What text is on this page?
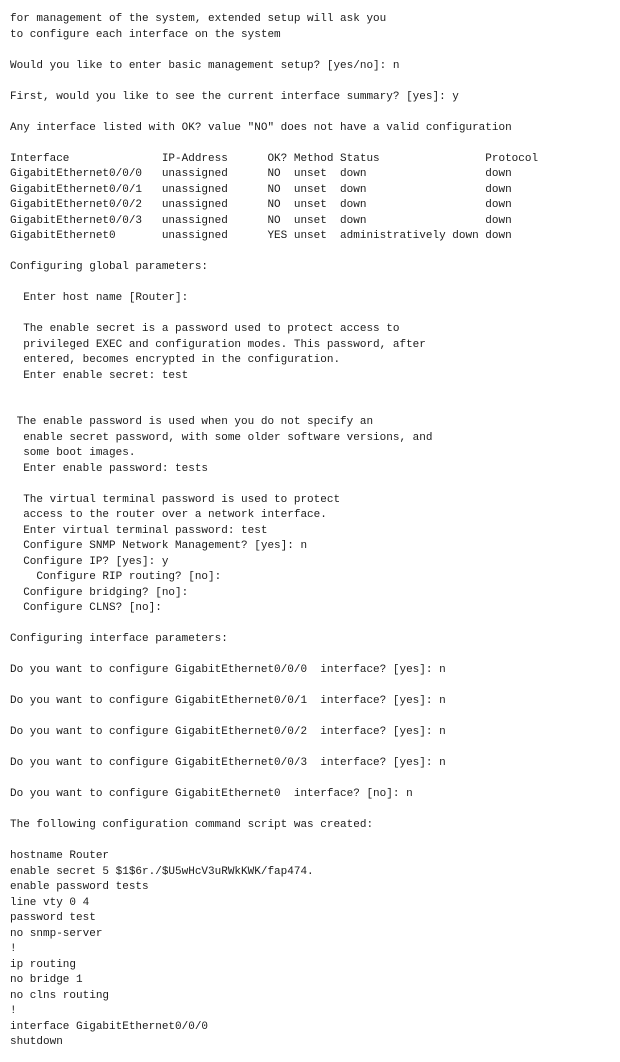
for management of the system, extended setup will ask you
to configure each interface on the system
Would you like to enter basic management setup? [yes/no]: n
First, would you like to see the current interface summary? [yes]: y
Any interface listed with OK? value "NO" does not have a valid configuration
Interface              IP-Address      OK? Method Status                Protocol
GigabitEthernet0/0/0   unassigned      NO  unset  down                  down
GigabitEthernet0/0/1   unassigned      NO  unset  down                  down
GigabitEthernet0/0/2   unassigned      NO  unset  down                  down
GigabitEthernet0/0/3   unassigned      NO  unset  down                  down
GigabitEthernet0       unassigned      YES unset  administratively down down
Configuring global parameters:
Enter host name [Router]:
The enable secret is a password used to protect access to
privileged EXEC and configuration modes. This password, after
entered, becomes encrypted in the configuration.
Enter enable secret: test
The enable password is used when you do not specify an
enable secret password, with some older software versions, and
some boot images.
Enter enable password: tests
The virtual terminal password is used to protect
access to the router over a network interface.
Enter virtual terminal password: test
Configure SNMP Network Management? [yes]: n
Configure IP? [yes]: y
Configure RIP routing? [no]:
Configure bridging? [no]:
Configure CLNS? [no]:
Configuring interface parameters:
Do you want to configure GigabitEthernet0/0/0  interface? [yes]: n
Do you want to configure GigabitEthernet0/0/1  interface? [yes]: n
Do you want to configure GigabitEthernet0/0/2  interface? [yes]: n
Do you want to configure GigabitEthernet0/0/3  interface? [yes]: n
Do you want to configure GigabitEthernet0  interface? [no]: n
The following configuration command script was created:
hostname Router
enable secret 5 $1$6r./$U5wHcV3uRWkKWK/fap474.
enable password tests
line vty 0 4
password test
no snmp-server
!
ip routing
no bridge 1
no clns routing
!
interface GigabitEthernet0/0/0
shutdown
